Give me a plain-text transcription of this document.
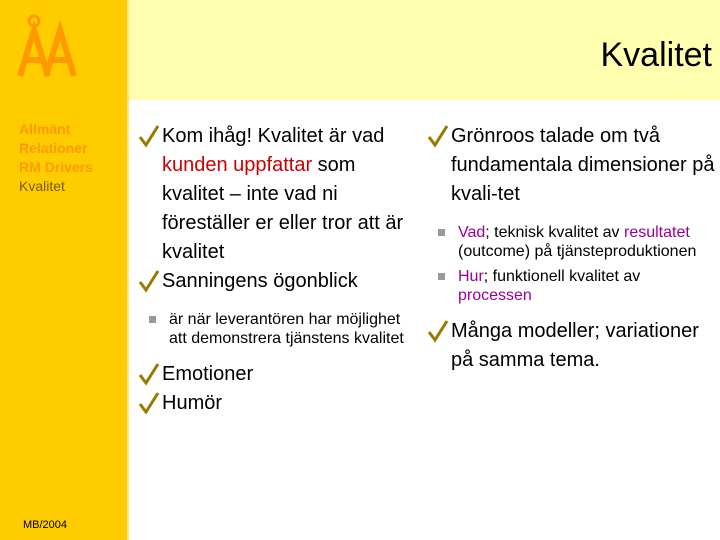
Allmänt
Relationer
RM Drivers
Kvalitet
MB/2004
Kvalitet
Kom ihåg! Kvalitet är vad kunden uppfattar som kvalitet – inte vad ni föreställer er eller tror att är kvalitet
Sanningens ögonblick
är när leverantören har möjlighet att demonstrera tjänstens kvalitet
Emotioner
Humör
Grönroos talade om två fundamentala dimensioner på kvali-tet
Vad; teknisk kvalitet av resultatet (outcome) på tjänsteproduktionen
Hur; funktionell kvalitet av processen
Många modeller; variationer på samma tema.
